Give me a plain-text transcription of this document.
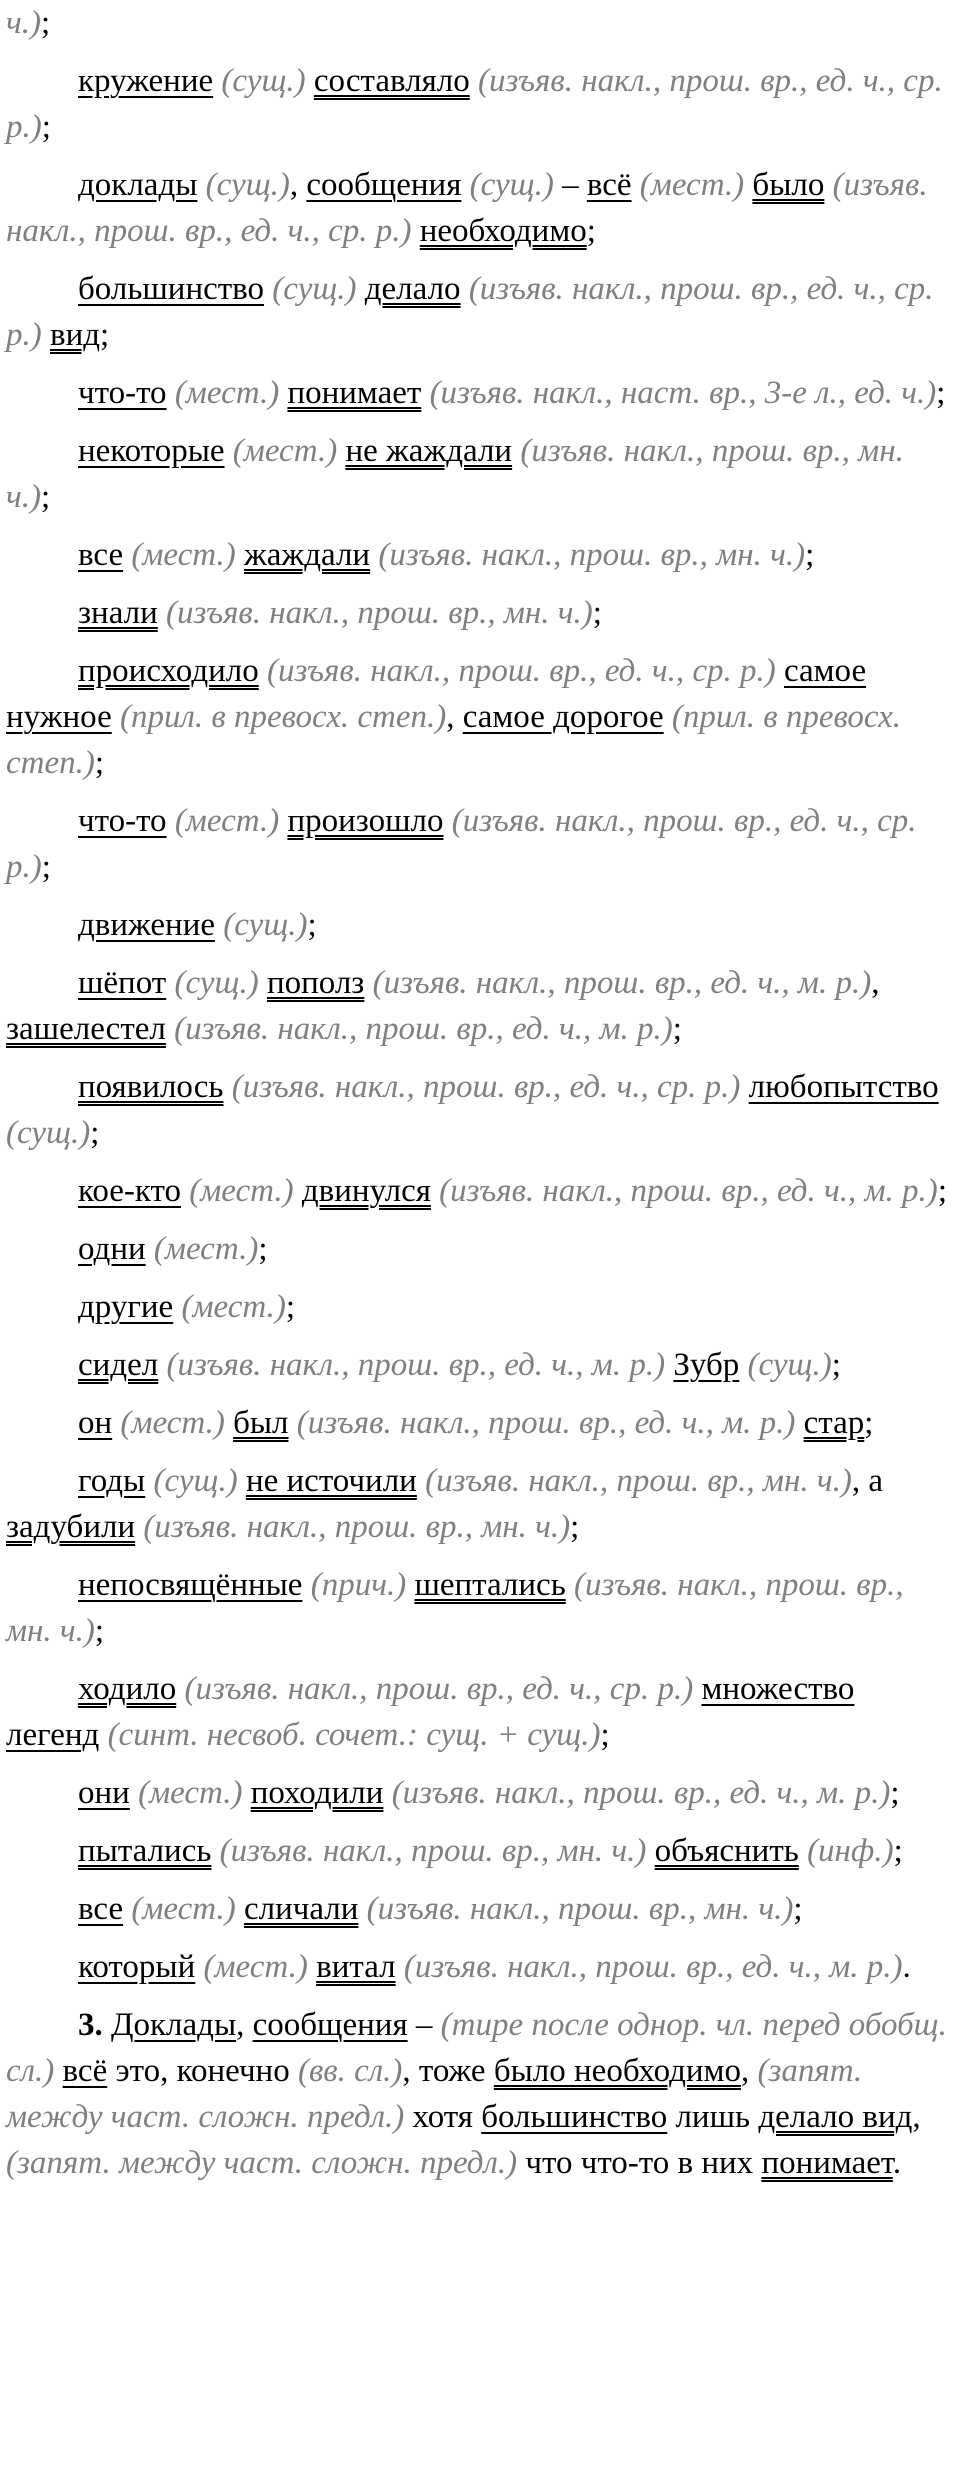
ч.);

кружение (сущ.) составляло (изъяв. накл., прош. вр., ед. ч., ср. р.);

доклады (сущ.), сообщения (сущ.) – всё (мест.) было (изъяв. накл., прош. вр., ед. ч., ср. р.) необходимо;

большинство (сущ.) делало (изъяв. накл., прош. вр., ед. ч., ср. р.) вид;

что-то (мест.) понимает (изъяв. накл., наст. вр., 3-е л., ед. ч.);

некоторые (мест.) не жаждали (изъяв. накл., прош. вр., мн. ч.);

все (мест.) жаждали (изъяв. накл., прош. вр., мн. ч.);

знали (изъяв. накл., прош. вр., мн. ч.);

происходило (изъяв. накл., прош. вр., ед. ч., ср. р.) самое нужное (прил. в превосх. степ.), самое дорогое (прил. в превосх. степ.);

что-то (мест.) произошло (изъяв. накл., прош. вр., ед. ч., ср. р.);

движение (сущ.);

шёпот (сущ.) пополз (изъяв. накл., прош. вр., ед. ч., м. р.), зашелестел (изъяв. накл., прош. вр., ед. ч., м. р.);

появилось (изъяв. накл., прош. вр., ед. ч., ср. р.) любопытство (сущ.);

кое-кто (мест.) двинулся (изъяв. накл., прош. вр., ед. ч., м. р.);

одни (мест.);

другие (мест.);

сидел (изъяв. накл., прош. вр., ед. ч., м. р.) Зубр (сущ.);

он (мест.) был (изъяв. накл., прош. вр., ед. ч., м. р.) стар;

годы (сущ.) не источили (изъяв. накл., прош. вр., мн. ч.), а задубили (изъяв. накл., прош. вр., мн. ч.);

непосвящённые (прич.) шептались (изъяв. накл., прош. вр., мн. ч.);

ходило (изъяв. накл., прош. вр., ед. ч., ср. р.) множество легенд (синт. несвоб. сочет.: сущ. + сущ.);

они (мест.) походили (изъяв. накл., прош. вр., ед. ч., м. р.);

пытались (изъяв. накл., прош. вр., мн. ч.) объяснить (инф.);

все (мест.) сличали (изъяв. накл., прош. вр., мн. ч.);

который (мест.) витал (изъяв. накл., прош. вр., ед. ч., м. р.).

3. Доклады, сообщения – (тире после однор. чл. перед обобщ. сл.) всё это, конечно (вв. сл.), тоже было необходимо, (запят. между част. сложн. предл.) хотя большинство лишь делало вид, (запят. между част. сложн. предл.) что что-то в них понимает.
